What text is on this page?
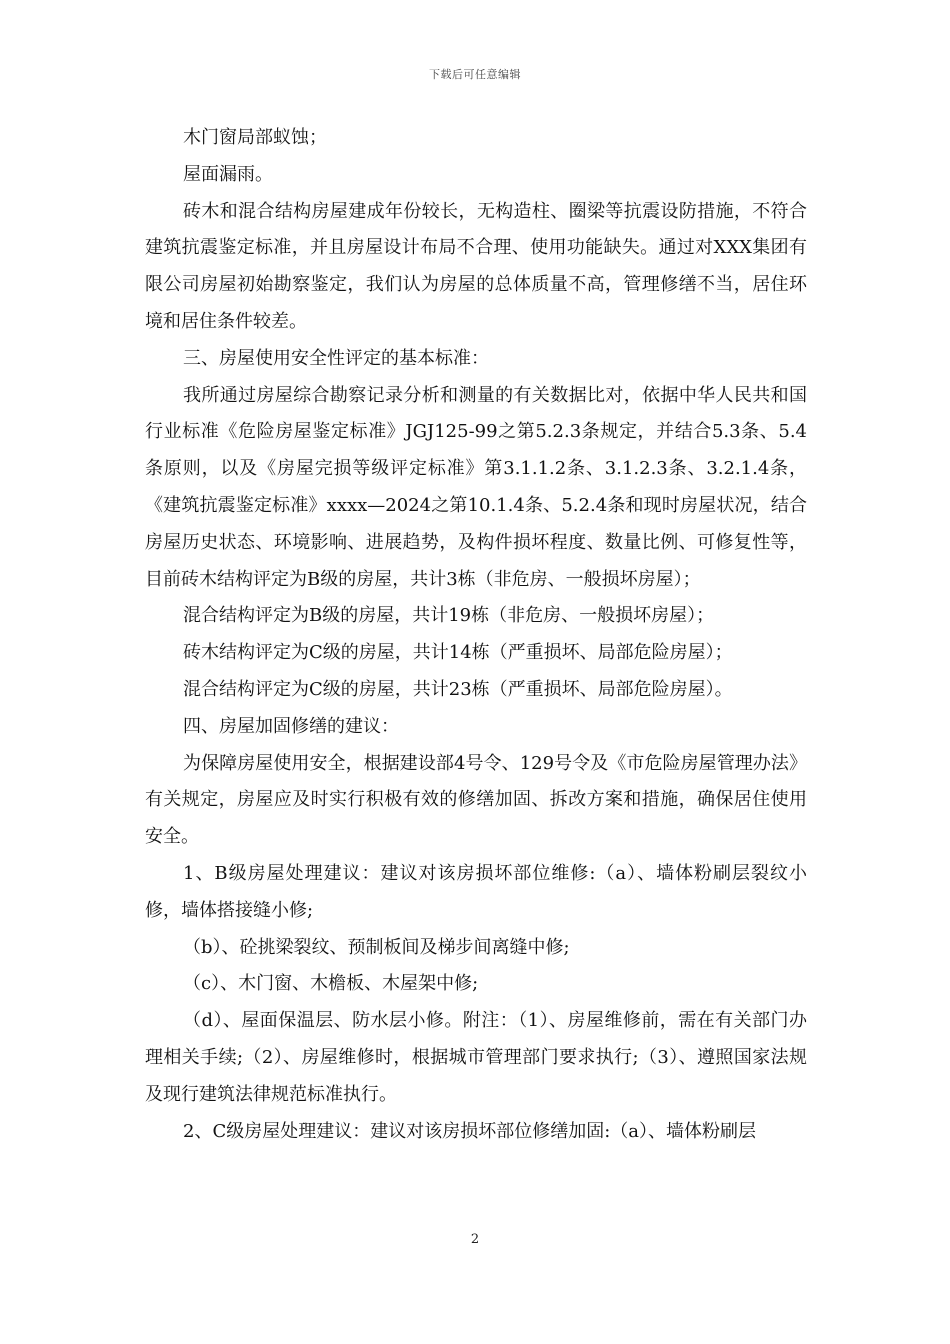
下载后可任意编辑

木门窗局部蚁蚀；

屋面漏雨。

砖木和混合结构房屋建成年份较长，无构造柱、圈梁等抗震设防措施，不符合建筑抗震鉴定标准，并且房屋设计布局不合理、使用功能缺失。通过对XXX集团有限公司房屋初始勘察鉴定，我们认为房屋的总体质量不高，管理修缮不当，居住环境和居住条件较差。

三、房屋使用安全性评定的基本标准：

我所通过房屋综合勘察记录分析和测量的有关数据比对，依据中华人民共和国行业标准《危险房屋鉴定标准》JGJ125-99之第5.2.3条规定，并结合5.3条、5.4条原则，以及《房屋完损等级评定标准》第3.1.1.2条、3.1.2.3条、3.2.1.4条，《建筑抗震鉴定标准》xxxx—2024之第10.1.4条、5.2.4条和现时房屋状况，结合房屋历史状态、环境影响、进展趋势，及构件损坏程度、数量比例、可修复性等，目前砖木结构评定为B级的房屋，共计3栋（非危房、一般损坏房屋）；

混合结构评定为B级的房屋，共计19栋（非危房、一般损坏房屋）；

砖木结构评定为C级的房屋，共计14栋（严重损坏、局部危险房屋）；

混合结构评定为C级的房屋，共计23栋（严重损坏、局部危险房屋）。

四、房屋加固修缮的建议：

为保障房屋使用安全，根据建设部4号令、129号令及《市危险房屋管理办法》有关规定，房屋应及时实行积极有效的修缮加固、拆改方案和措施，确保居住使用安全。

1、B级房屋处理建议：建议对该房损坏部位维修:（a）、墙体粉刷层裂纹小修，墙体搭接缝小修;

（b）、砼挑梁裂纹、预制板间及梯步间离缝中修;

（c）、木门窗、木檐板、木屋架中修;

（d）、屋面保温层、防水层小修。附注：（1）、房屋维修前，需在有关部门办理相关手续;（2）、房屋维修时，根据城市管理部门要求执行;（3）、遵照国家法规及现行建筑法律规范标准执行。

2、C级房屋处理建议：建议对该房损坏部位修缮加固:（a）、墙体粉刷层

2
